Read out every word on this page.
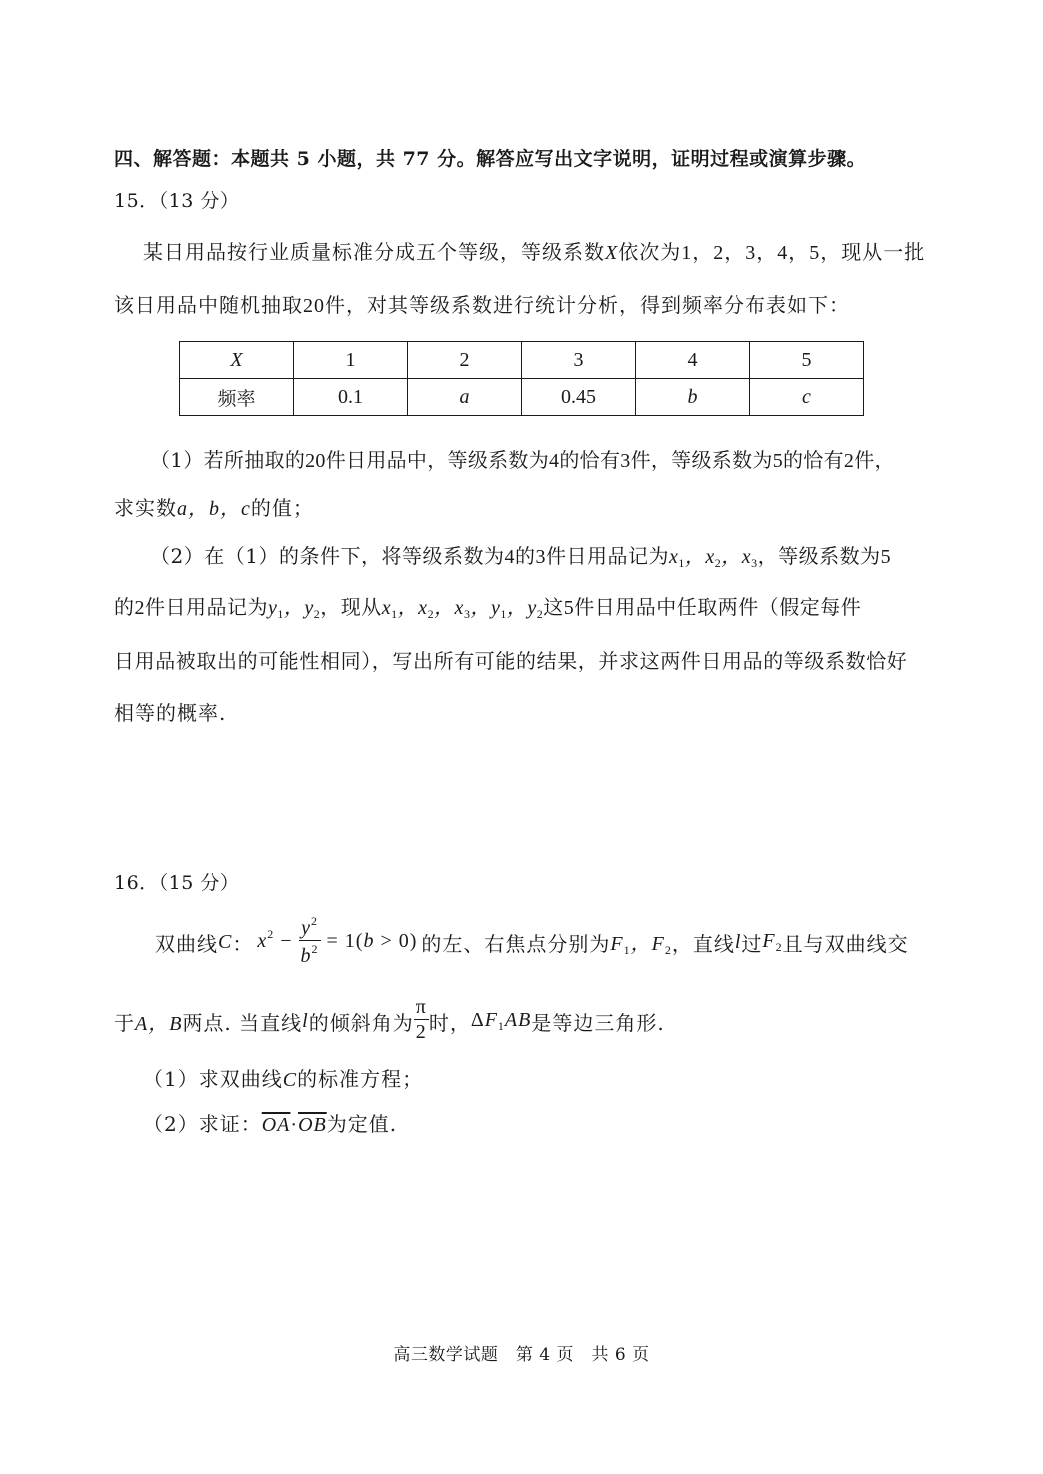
四、解答题：本题共 5 小题，共 77 分。解答应写出文字说明，证明过程或演算步骤。
15．（13 分）
某日用品按行业质量标准分成五个等级，等级系数X依次为1，2，3，4，5，现从一批
该日用品中随机抽取20件，对其等级系数进行统计分析，得到频率分布表如下：
X	1	2	3	4	5
频率	0.1	a	0.45	b	c
（1）若所抽取的20件日用品中，等级系数为4的恰有3件，等级系数为5的恰有2件，
求实数a，b，c的值；
（2）在（1）的条件下，将等级系数为4的3件日用品记为$x_1$，$x_2$，$x_3$，等级系数为5
的2件日用品记为$y_1$，$y_2$，现从$x_1$，$x_2$，$x_3$，$y_1$，$y_2$这5件日用品中任取两件（假定每件
日用品被取出的可能性相同），写出所有可能的结果，并求这两件日用品的等级系数恰好
相等的概率.
16．（15 分）
双曲线 C ： $x^2 - \frac{y^2}{b^2} = 1(b > 0)$ 的左、右焦点分别为 $F_1$，$F_2$ ，直线 l 过 $F_2$ 且与双曲线交
于 A，B 两点. 当直线 l 的倾斜角为 $\frac{\pi}{2}$ 时， $\Delta F_1AB$ 是等边三角形.
（1）求双曲线C的标准方程；
（2）求证：$\overline{OA}\cdot\overline{OB}$为定值.
高三数学试题　第 4 页　共 6 页
